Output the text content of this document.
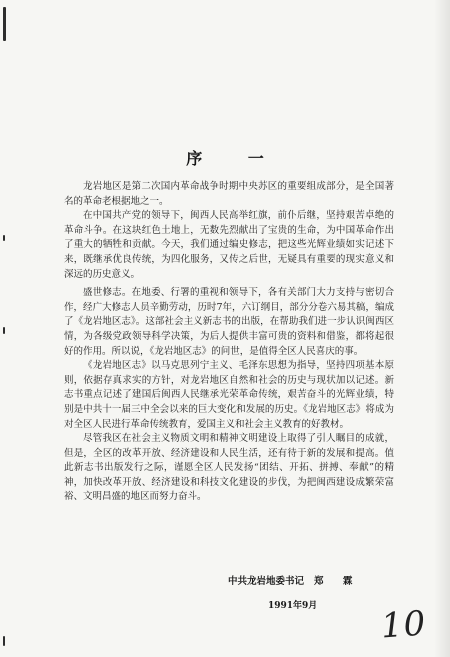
序 一

龙岩地区是第二次国内革命战争时期中央苏区的重要组成部分，是全国著名的革命老根据地之一。

在中国共产党的领导下，闽西人民高举红旗，前仆后继，坚持艰苦卓绝的革命斗争。在这块红色土地上，无数先烈献出了宝贵的生命，为中国革命作出了重大的牺牲和贡献。今天，我们通过编史修志，把这些光辉业绩如实记述下来，既继承优良传统，为四化服务，又传之后世，无疑具有重要的现实意义和深远的历史意义。

盛世修志。在地委、行署的重视和领导下，各有关部门大力支持与密切合作，经广大修志人员辛勤劳动，历时7年，六订纲目，部分分卷六易其稿，编成了《龙岩地区志》。这部社会主义新志书的出版，在帮助我们进一步认识闽西区情，为各级党政领导科学决策，为后人提供丰富可贵的资料和借鉴，都将起很好的作用。所以说，《龙岩地区志》的问世，是值得全区人民喜庆的事。

《龙岩地区志》以马克思列宁主义、毛泽东思想为指导，坚持四项基本原则，依据存真求实的方针，对龙岩地区自然和社会的历史与现状加以记述。新志书重点记述了建国后闽西人民继承光荣革命传统，艰苦奋斗的光辉业绩，特别是中共十一届三中全会以来的巨大变化和发展的历史。《龙岩地区志》将成为对全区人民进行革命传统教育，爱国主义和社会主义教育的好教材。

尽管我区在社会主义物质文明和精神文明建设上取得了引人瞩目的成就，但是，全区的改革开放、经济建设和人民生活，还有待于新的发展和提高。值此新志书出版发行之际，谨愿全区人民发扬“团结、开拓、拼搏、奉献”的精神，加快改革开放、经济建设和科技文化建设的步伐，为把闽西建设成繁荣富裕、文明昌盛的地区而努力奋斗。

中共龙岩地委书记 郑 霖
1991年9月 10
